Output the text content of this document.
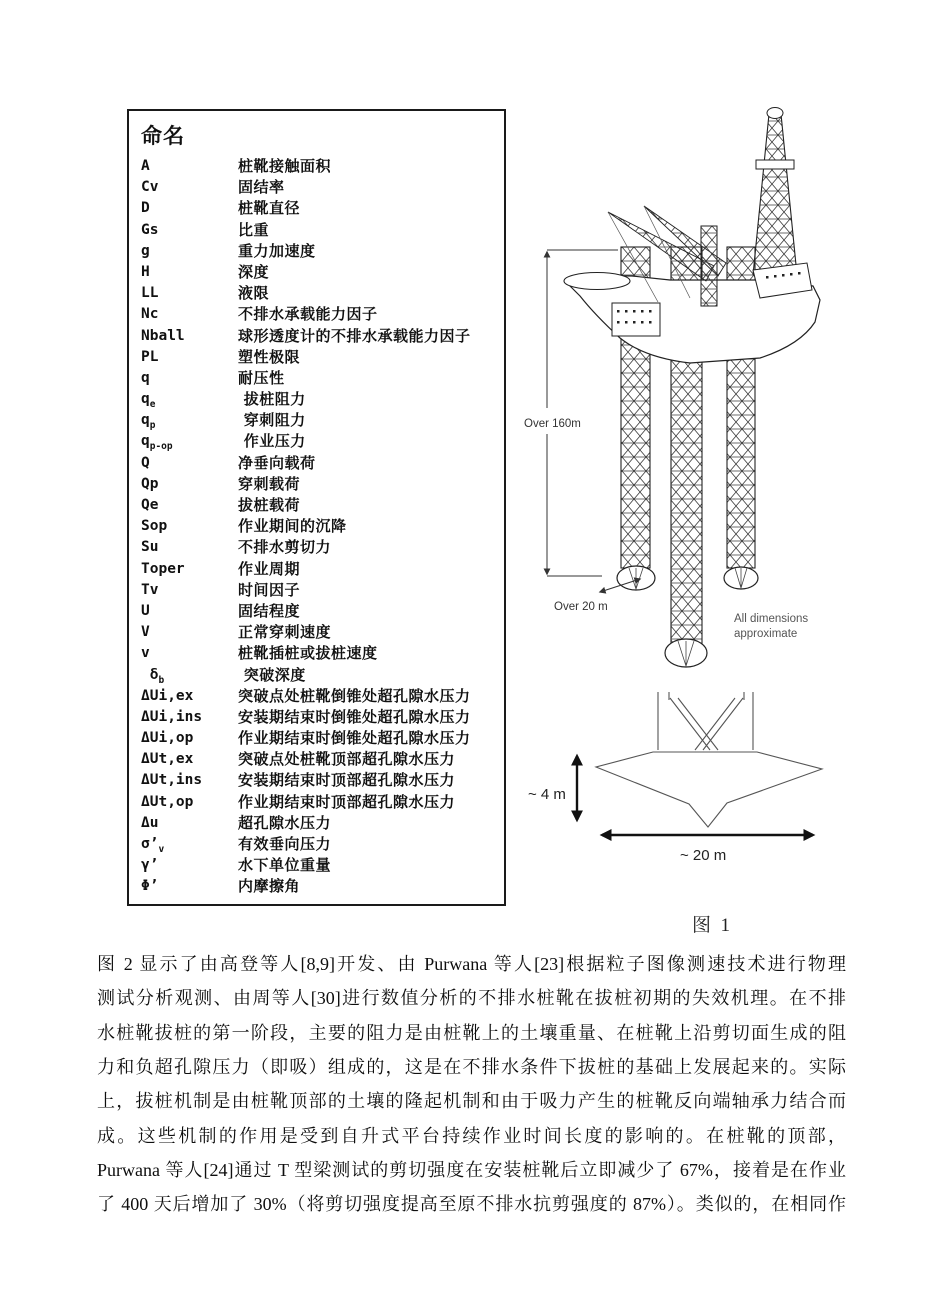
命名
A	桩靴接触面积
Cv	固结率
D	桩靴直径
Gs	比重
g	重力加速度
H	深度
LL	液限
Nc	不排水承载能力因子
Nball	球形透度计的不排水承载能力因子
PL	塑性极限
q	耐压性
$q_e$	拔桩阻力
$q_p$	穿刺阻力
$q_{p-op}$	作业压力
Q	净垂向载荷
Qp	穿刺载荷
Qe	拔桩载荷
Sop	作业期间的沉降
Su	不排水剪切力
Toper	作业周期
Tv	时间因子
U	固结程度
V	正常穿刺速度
v	桩靴插桩或拔桩速度
$\delta_b$	突破深度
ΔUi,ex	突破点处桩靴倒锥处超孔隙水压力
ΔUi,ins	安装期结束时倒锥处超孔隙水压力
ΔUi,op	作业期结束时倒锥处超孔隙水压力
ΔUt,ex	突破点处桩靴顶部超孔隙水压力
ΔUt,ins	安装期结束时顶部超孔隙水压力
ΔUt,op	作业期结束时顶部超孔隙水压力
Δu	超孔隙水压力
$\sigma’_v$	有效垂向压力
γ’	水下单位重量
Φ’	内摩擦角
Over 160m
Over 20 m
All dimensions
approximate
~ 4 m
~ 20 m
图  1
图 2 显示了由高登等人[8,9]开发、由 Purwana 等人[23]根据粒子图像测速技术进行物理
测试分析观测、由周等人[30]进行数值分析的不排水桩靴在拔桩初期的失效机理。在不排
水桩靴拔桩的第一阶段，主要的阻力是由桩靴上的土壤重量、在桩靴上沿剪切面生成的阻
力和负超孔隙压力（即吸）组成的，这是在不排水条件下拔桩的基础上发展起来的。实际
上，拔桩机制是由桩靴顶部的土壤的隆起机制和由于吸力产生的桩靴反向端轴承力结合而
成。这些机制的作用是受到自升式平台持续作业时间长度的影响的。在桩靴的顶部，
Purwana 等人[24]通过 T 型梁测试的剪切强度在安装桩靴后立即减少了 67%，接着是在作业
了 400 天后增加了 30%（将剪切强度提高至原不排水抗剪强度的 87%）。类似的，在相同作
